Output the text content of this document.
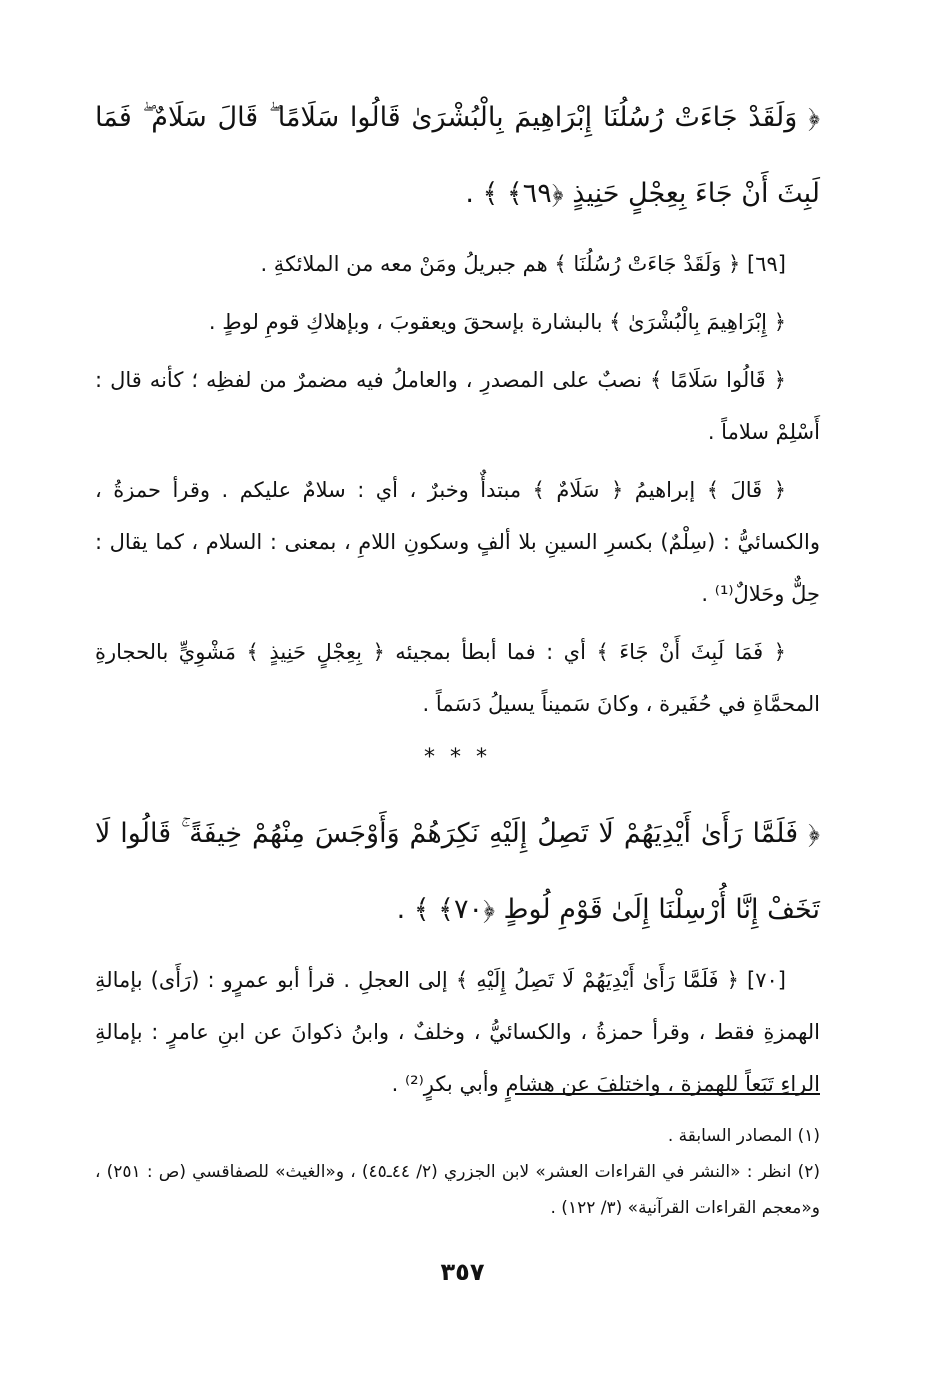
﴿ وَلَقَدْ جَاءَتْ رُسُلُنَا إِبْرَاهِيمَ بِالْبُشْرَىٰ قَالُوا سَلَامًا ۖ قَالَ سَلَامٌ ۖ فَمَا لَبِثَ أَنْ جَاءَ بِعِجْلٍ حَنِيذٍ ﴿٦٩﴾ ﴾ .

[٦٩] ﴿ وَلَقَدْ جَاءَتْ رُسُلُنَا ﴾ هم جبريلُ ومَنْ معه من الملائكةِ .

﴿ إِبْرَاهِيمَ بِالْبُشْرَىٰ ﴾ بالبشارة بإسحقَ ويعقوبَ ، وبإهلاكِ قومِ لوطٍ .

﴿ قَالُوا سَلَامًا ﴾ نصبٌ على المصدرِ ، والعاملُ فيه مضمرٌ من لفظِه ؛ كأنه قال : أَسْلِمْ سلاماً .

﴿ قَالَ ﴾ إبراهيمُ ﴿ سَلَامٌ ﴾ مبتدأٌ وخبرٌ ، أي : سلامٌ عليكم . وقرأ حمزةُ ، والكسائيُّ : (سِلْمٌ) بكسرِ السينِ بلا ألفٍ وسكونِ اللامِ ، بمعنى : السلام ، كما يقال : حِلٌّ وحَلالٌ⁽¹⁾ .

﴿ فَمَا لَبِثَ أَنْ جَاءَ ﴾ أي : فما أبطأ بمجيئه ﴿ بِعِجْلٍ حَنِيذٍ ﴾ مَشْوِيٍّ بالحجارةِ المحمَّاةِ في حُفَيرة ، وكانَ سَميناً يسيلُ دَسَماً .

* * *

﴿ فَلَمَّا رَأَىٰ أَيْدِيَهُمْ لَا تَصِلُ إِلَيْهِ نَكِرَهُمْ وَأَوْجَسَ مِنْهُمْ خِيفَةً ۚ قَالُوا لَا تَخَفْ إِنَّا أُرْسِلْنَا إِلَىٰ قَوْمِ لُوطٍ ﴿٧٠﴾ ﴾ .

[٧٠] ﴿ فَلَمَّا رَأَىٰ أَيْدِيَهُمْ لَا تَصِلُ إِلَيْهِ ﴾ إلى العجلِ . قرأ أبو عمرٍو : (رَأَى) بإمالةِ الهمزةِ فقط ، وقرأ حمزةُ ، والكسائيُّ ، وخلفٌ ، وابنُ ذكوانَ عن ابنِ عامرٍ : بإمالةِ الراءِ تَبَعاً للهمزة ، واختلفَ عن هشامٍ وأبي بكرٍ⁽²⁾ .

(١) المصادر السابقة .

(٢) انظر : «النشر في القراءات العشر» لابن الجزري (٢/ ٤٤ـ٤٥) ، و«الغيث» للصفاقسي (ص : ٢٥١) ، و«معجم القراءات القرآنية» (٣/ ١٢٢) .

٣٥٧
